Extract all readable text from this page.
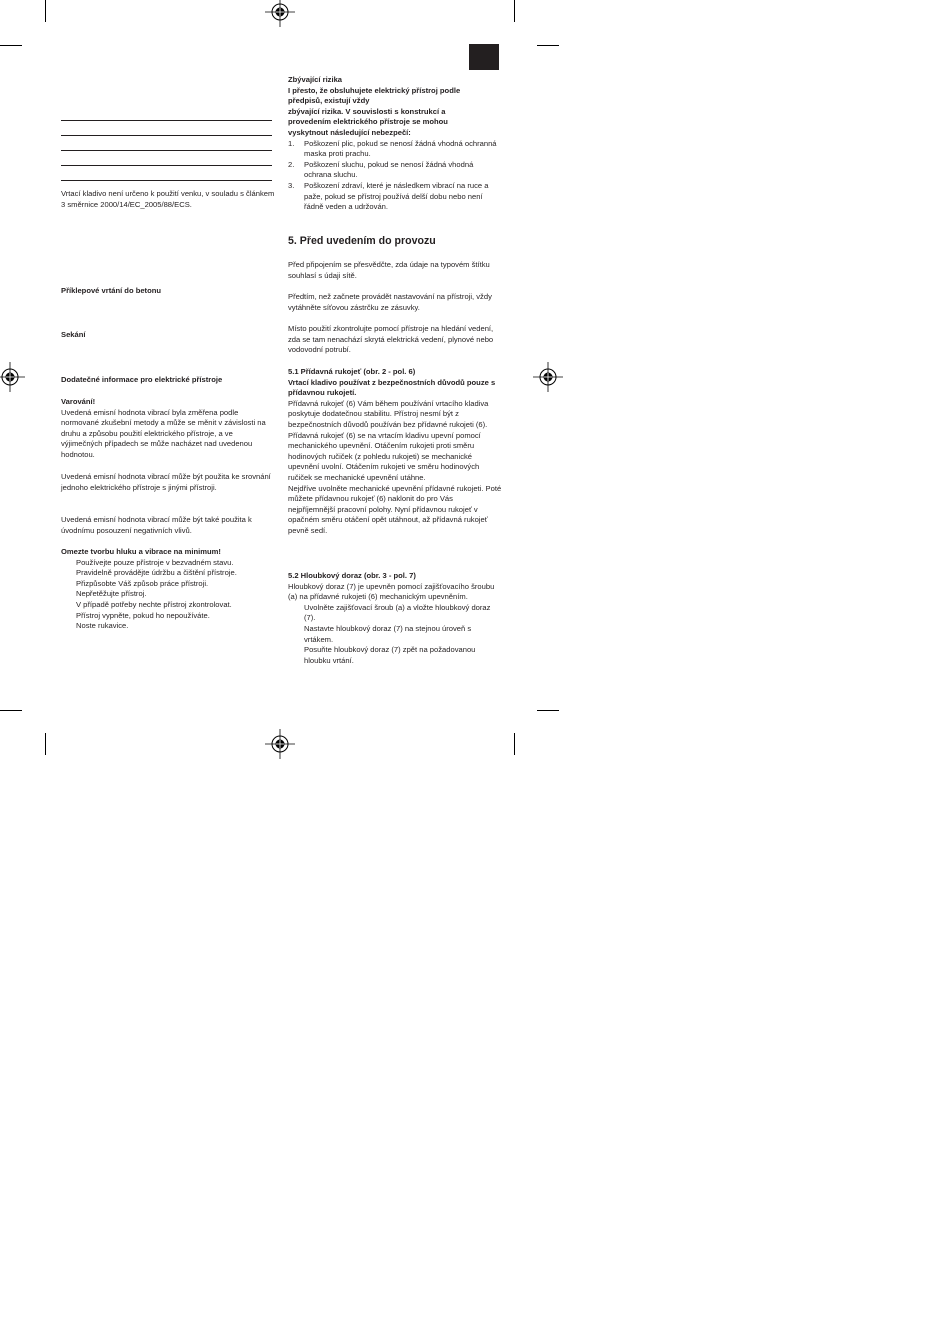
Vrtací kladivo není určeno k použití venku, v souladu s článkem 3 směrnice 2000/14/EC_2005/88/ECS.

Příklepové vrtání do betonu
Sekání
Dodatečné informace pro elektrické přístroje
Varování!

Uvedená emisní hodnota vibrací byla změřena podle normované zkušební metody a může se měnit v závislosti na druhu a způsobu použití elektrického přístroje, a ve výjimečných případech se může nacházet nad uvedenou hodnotou.

Uvedená emisní hodnota vibrací může být použita ke srovnání jednoho elektrického přístroje s jinými přístroji.

Uvedená emisní hodnota vibrací může být také použita k úvodnímu posouzení negativních vlivů.

Omezte tvorbu hluku a vibrace na minimum!
Používejte pouze přístroje v bezvadném stavu.
Pravidelně provádějte údržbu a čištění přístroje.
Přizpůsobte Váš způsob práce přístroji.
Nepřetěžujte přístroj.
V případě potřeby nechte přístroj zkontrolovat.
Přístroj vypněte, pokud ho nepoužíváte.
Noste rukavice.
Zbývající rizika
I přesto, že obsluhujete elektrický přístroj podle
předpisů, existují vždy
zbývající rizika. V souvislosti s konstrukcí a
provedením elektrického přístroje se mohou
vyskytnout následující nebezpečí:
1. Poškození plic, pokud se nenosí žádná vhodná ochranná maska proti prachu.
2. Poškození sluchu, pokud se nenosí žádná vhodná ochrana sluchu.
3. Poškození zdraví, které je následkem vibrací na ruce a paže, pokud se přístroj používá delší dobu nebo není řádně veden a udržován.
5. Před uvedením do provozu

Před připojením se přesvědčte, zda údaje na typovém štítku souhlasí s údaji sítě.

Předtím, než začnete provádět nastavování na přístroji, vždy vytáhněte síťovou zástrčku ze zásuvky.

Místo použití zkontrolujte pomocí přístroje na hledání vedení, zda se tam nenachází skrytá elektrická vedení, plynové nebo vodovodní potrubí.

5.1 Přídavná rukojeť (obr. 2 - pol. 6)
Vrtací kladivo používat z bezpečnostních důvodů pouze s přídavnou rukojetí.

Přídavná rukojeť (6) Vám během používání vrtacího kladiva poskytuje dodatečnou stabilitu. Přístroj nesmí být z bezpečnostních důvodů používán bez přídavné rukojeti (6).

Přídavná rukojeť (6) se na vrtacím kladivu upevní pomocí mechanického upevnění. Otáčením rukojeti proti směru hodinových ručiček (z pohledu rukojeti) se mechanické upevnění uvolní. Otáčením rukojeti ve směru hodinových ručiček se mechanické upevnění utáhne.

Nejdříve uvolněte mechanické upevnění přídavné rukojeti. Poté můžete přídavnou rukojeť (6) naklonit do pro Vás nejpříjemnější pracovní polohy. Nyní přídavnou rukojeť v opačném směru otáčení opět utáhnout, až přídavná rukojeť pevně sedí.

5.2 Hloubkový doraz (obr. 3 - pol. 7)

Hloubkový doraz (7) je upevněn pomocí zajišťovacího šroubu (a) na přídavné rukojeti (6) mechanickým upevněním.

Uvolněte zajišťovací šroub (a) a vložte hloubkový doraz (7).
Nastavte hloubkový doraz (7) na stejnou úroveň s vrtákem.
Posuňte hloubkový doraz (7) zpět na požadovanou hloubku vrtání.
